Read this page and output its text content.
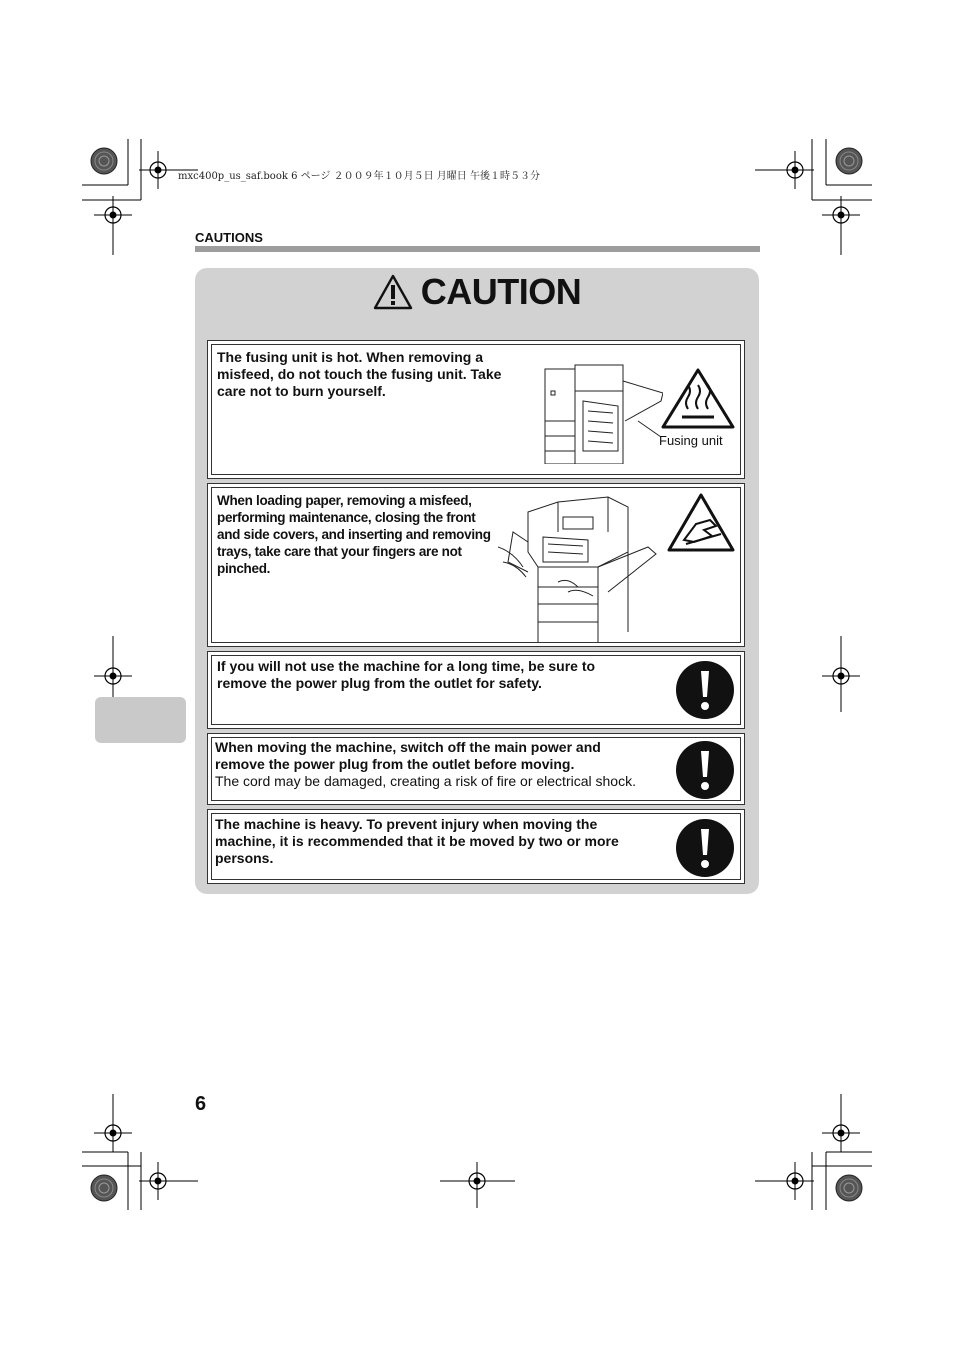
mxc400p_us_saf.book 6 ページ ２００９年１０月５日 月曜日 午後１時５３分
CAUTIONS
CAUTION
The fusing unit is hot. When removing a misfeed, do not touch the fusing unit. Take care not to burn yourself.
Fusing unit
When loading paper, removing a misfeed, performing maintenance, closing the front and side covers, and inserting and removing trays, take care that your fingers are not pinched.
If you will not use the machine for a long time, be sure to remove the power plug from the outlet for safety.
When moving the machine, switch off the main power and remove the power plug from the outlet before moving.
The cord may be damaged, creating a risk of fire or electrical shock.
The machine is heavy. To prevent injury when moving the machine, it is recommended that it be moved by two or more persons.
6
